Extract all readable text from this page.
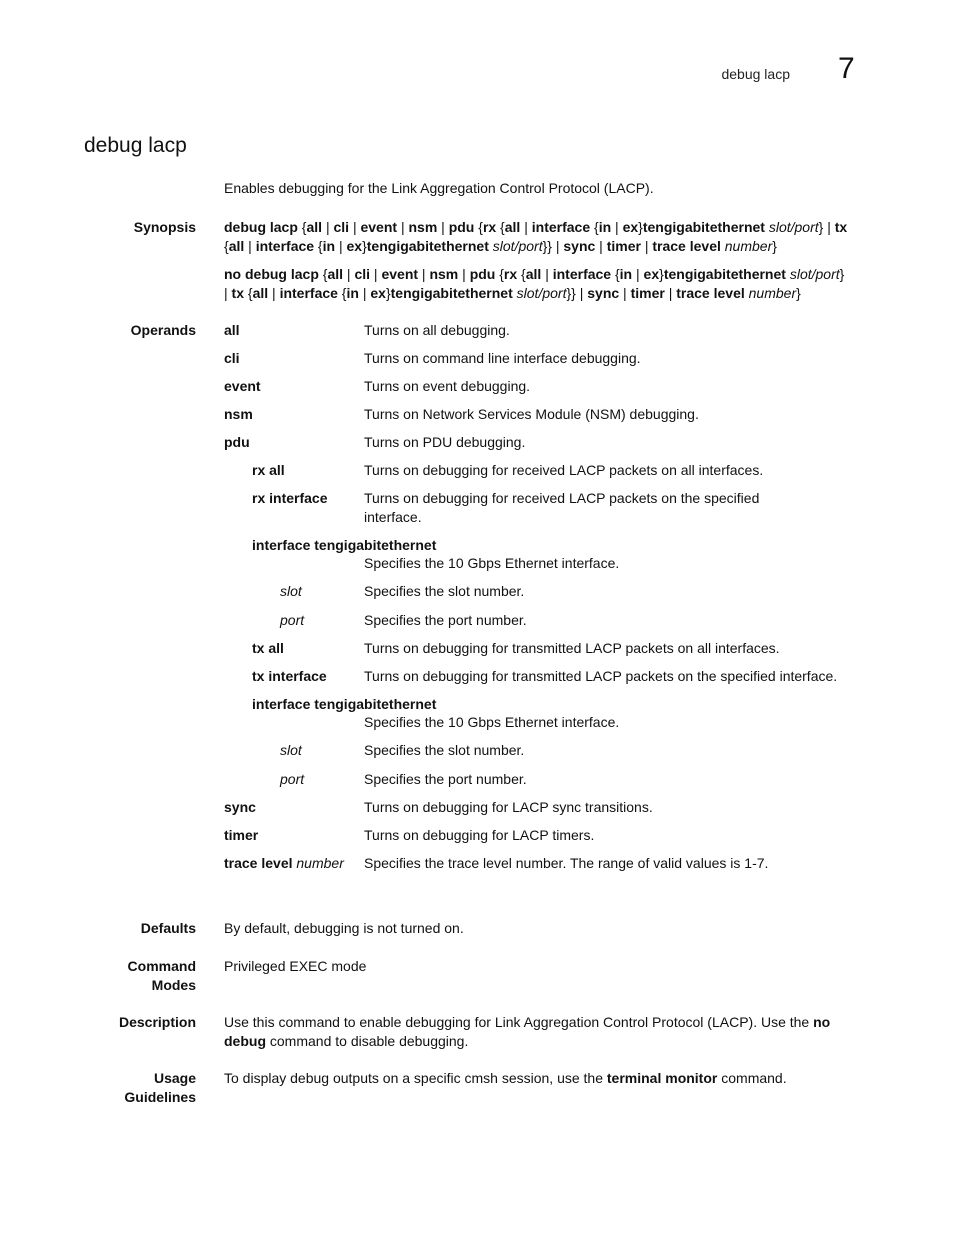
debug lacp 7
debug lacp
Enables debugging for the Link Aggregation Control Protocol (LACP).
Synopsis debug lacp {all | cli | event | nsm | pdu {rx {all | interface {in | ex}tengigabitethernet slot/port} | tx
{all | interface {in | ex}tengigabitethernet slot/port}} | sync | timer | trace level number}

no debug lacp {all | cli | event | nsm | pdu {rx {all | interface {in | ex}tengigabitethernet slot/port}
| tx {all | interface {in | ex}tengigabitethernet slot/port}} | sync | timer | trace level number}

Operands all	Turns on all debugging.
cli	Turns on command line interface debugging.
event	Turns on event debugging.
nsm	Turns on Network Services Module (NSM) debugging.
pdu	Turns on PDU debugging.
rx all	Turns on debugging for received LACP packets on all interfaces.
rx interface	Turns on debugging for received LACP packets on the specified interface.
interface tengigabitethernet
Specifies the 10 Gbps Ethernet interface.
slot	Specifies the slot number.
port	Specifies the port number.
tx all	Turns on debugging for transmitted LACP packets on all interfaces.
tx interface	Turns on debugging for transmitted LACP packets on the specified interface.
interface tengigabitethernet
Specifies the 10 Gbps Ethernet interface.
slot	Specifies the slot number.
port	Specifies the port number.
sync	Turns on debugging for LACP sync transitions.
timer	Turns on debugging for LACP timers.
trace level number Specifies the trace level number. The range of valid values is 1-7.
Defaults By default, debugging is not turned on.
Command Modes
Privileged EXEC mode
Description Use this command to enable debugging for Link Aggregation Control Protocol (LACP). Use the no debug command to disable debugging.
Usage Guidelines
To display debug outputs on a specific cmsh session, use the terminal monitor command.
